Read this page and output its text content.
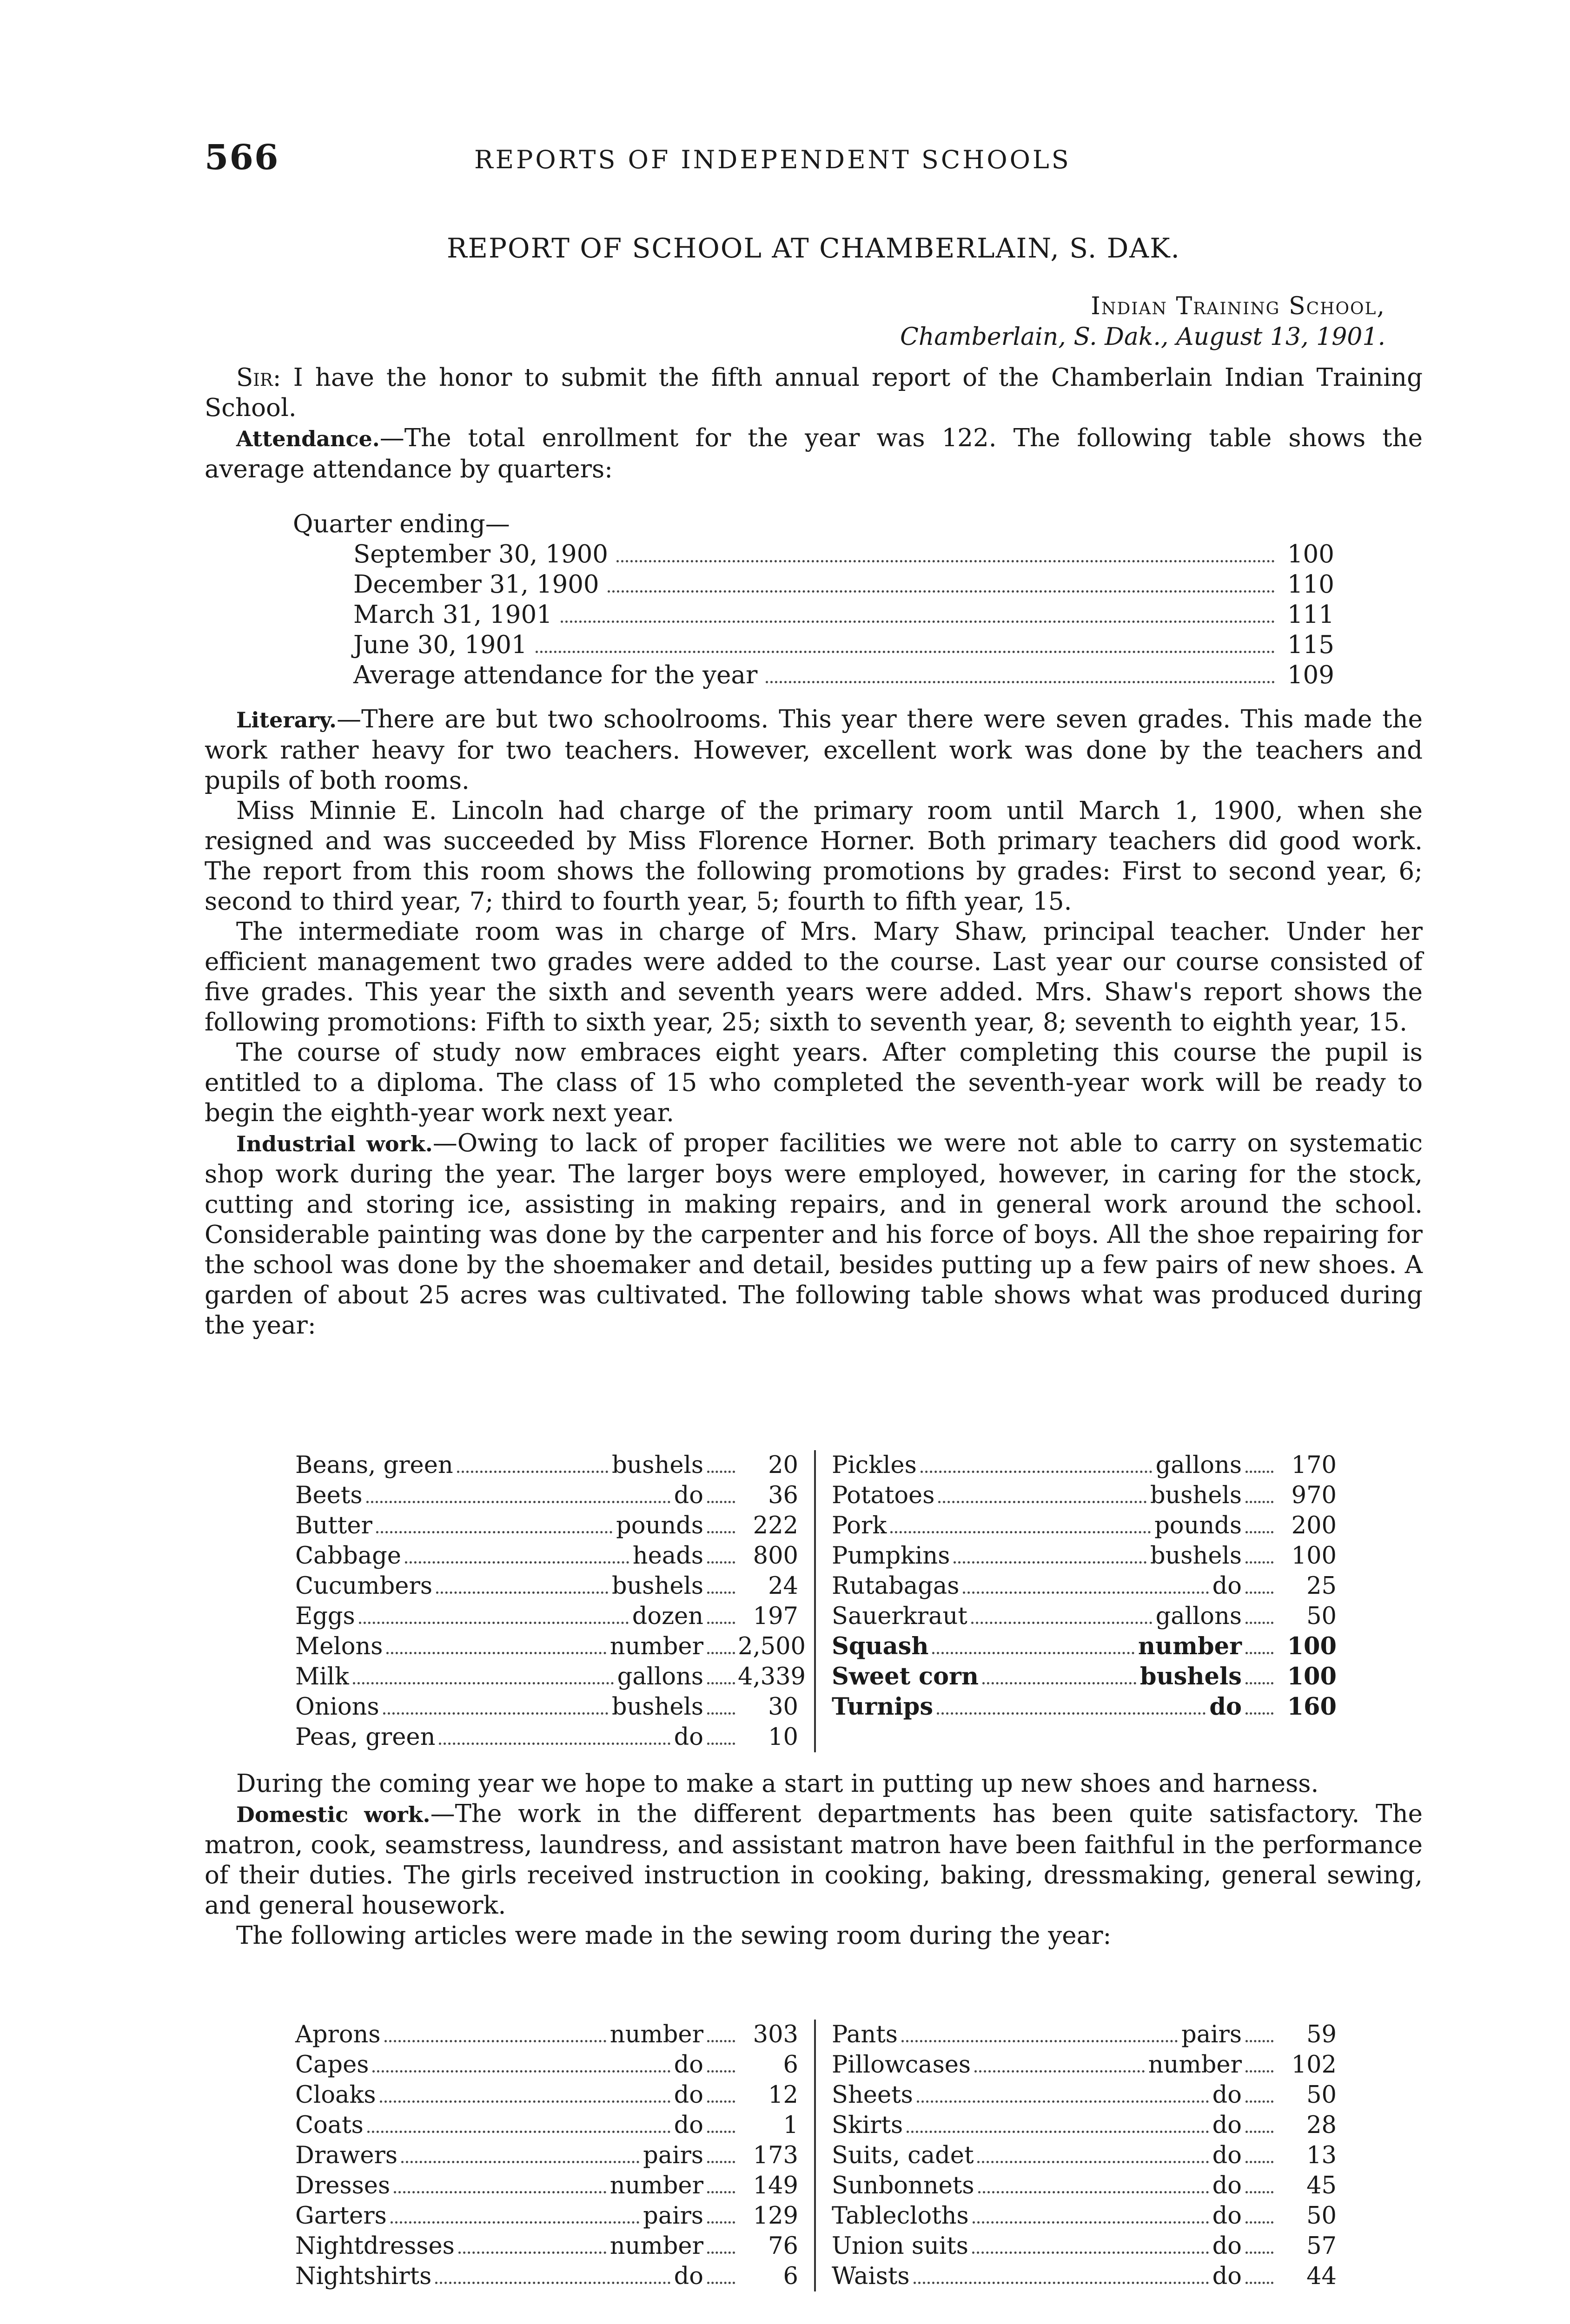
566	REPORTS OF INDEPENDENT SCHOOLS
REPORT OF SCHOOL AT CHAMBERLAIN, S. DAK.
Indian Training School,
Chamberlain, S. Dak., August 13, 1901.

Sir: I have the honor to submit the fifth annual report of the Chamberlain Indian Training School.

Attendance.—The total enrollment for the year was 122. The following table shows the average attendance by quarters:

Quarter ending—

September 30, 1900	100
December 31, 1900	110
March 31, 1901	111
June 30, 1901	115
Average attendance for the year	109

Literary.—There are but two schoolrooms. This year there were seven grades. This made the work rather heavy for two teachers. However, excellent work was done by the teachers and pupils of both rooms.

Miss Minnie E. Lincoln had charge of the primary room until March 1, 1900, when she resigned and was succeeded by Miss Florence Horner. Both primary teachers did good work. The report from this room shows the following promotions by grades: First to second year, 6; second to third year, 7; third to fourth year, 5; fourth to fifth year, 15.

The intermediate room was in charge of Mrs. Mary Shaw, principal teacher. Under her efficient management two grades were added to the course. Last year our course consisted of five grades. This year the sixth and seventh years were added. Mrs. Shaw's report shows the following promotions: Fifth to sixth year, 25; sixth to seventh year, 8; seventh to eighth year, 15.

The course of study now embraces eight years. After completing this course the pupil is entitled to a diploma. The class of 15 who completed the seventh-year work will be ready to begin the eighth-year work next year.

Industrial work.—Owing to lack of proper facilities we were not able to carry on systematic shop work during the year. The larger boys were employed, however, in caring for the stock, cutting and storing ice, assisting in making repairs, and in general work around the school. Considerable painting was done by the carpenter and his force of boys. All the shoe repairing for the school was done by the shoemaker and detail, besides putting up a few pairs of new shoes. A garden of about 25 acres was cultivated. The following table shows what was produced during the year:

Beans, green	bushels	20
Beets	do	36
Butter	pounds	222
Cabbage	heads	800
Cucumbers	bushels	24
Eggs	dozen	197
Melons	number 2,500
Milk	gallons 4,339
Onions	bushels	30
Peas, green	do	10
Pickles	gallons	170
Potatoes	bushels	970
Pork	pounds	200
Pumpkins	bushels	100
Rutabagas	do	25
Sauerkraut	gallons	50
Squash	number	100
Sweet corn	bushels	100
Turnips	do	160

During the coming year we hope to make a start in putting up new shoes and harness.

Domestic work.—The work in the different departments has been quite satisfactory. The matron, cook, seamstress, laundress, and assistant matron have been faithful in the performance of their duties. The girls received instruction in cooking, baking, dressmaking, general sewing, and general housework.

The following articles were made in the sewing room during the year:

Aprons	number	303
Capes	do	6
Cloaks	do	12
Coats	do	1
Drawers	pairs	173
Dresses	number	149
Garters	pairs	129
Nightdresses	number	76
Nightshirts	do	6
Pants	pairs	59
Pillowcases	number	102
Sheets	do	50
Skirts	do	28
Suits, cadet	do	13
Sunbonnets	do	45
Tablecloths	do	50
Union suits	do	57
Waists	do	44
